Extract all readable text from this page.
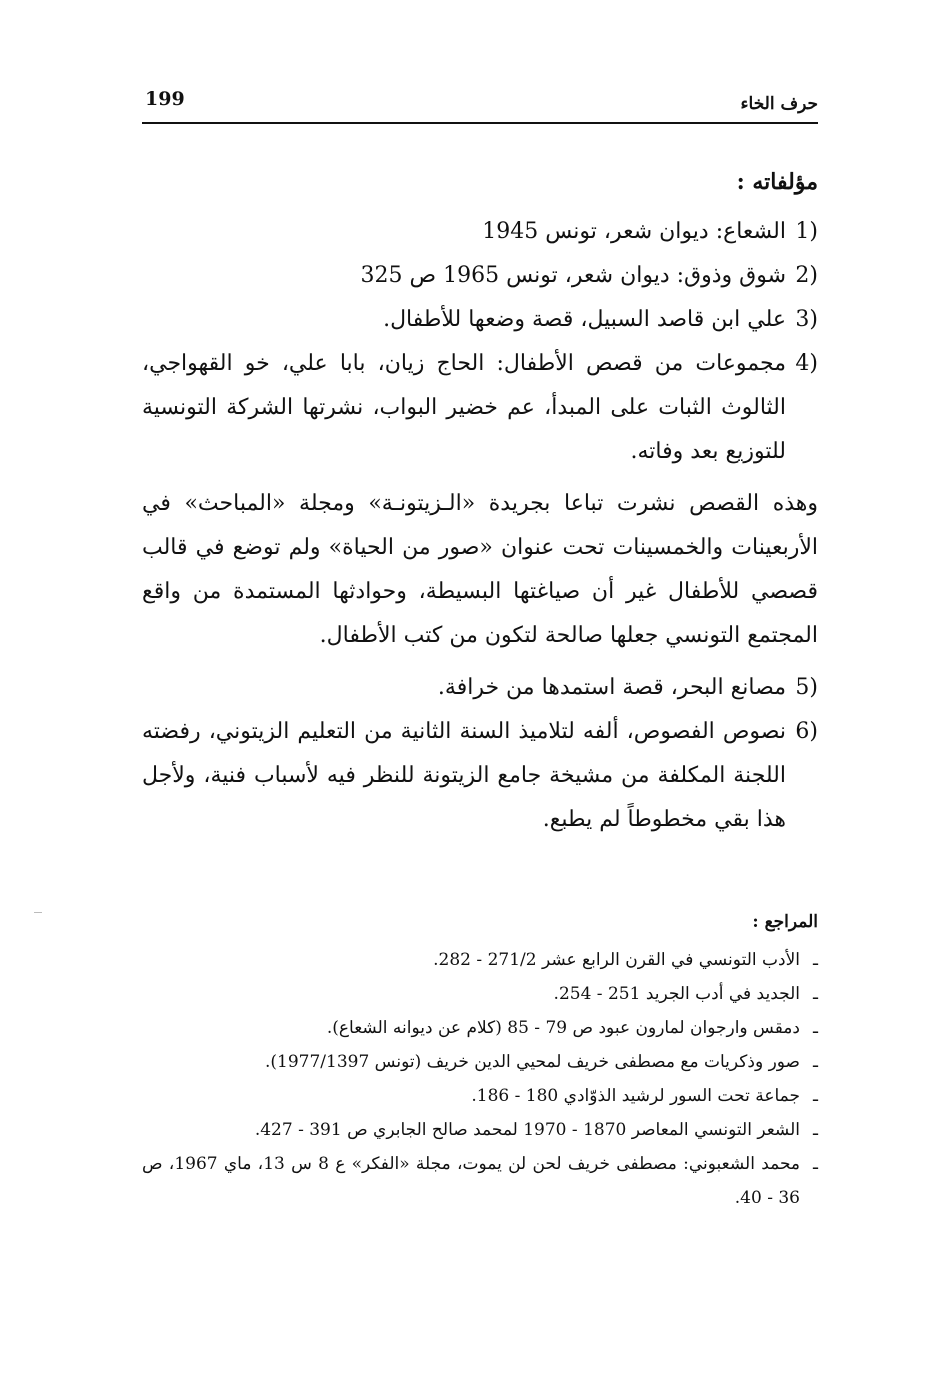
حرف الخاء
199
مؤلفاته :
1)
الشعاع: ديوان شعر، تونس 1945
2)
شوق وذوق: ديوان شعر، تونس 1965 ص 325
3)
علي ابن قاصد السبيل، قصة وضعها للأطفال.
4)
مجموعات من قصص الأطفال: الحاج زيان، بابا علي، خو القهواجي، الثالوث الثبات على المبدأ، عم خضير البواب، نشرتها الشركة التونسية للتوزيع بعد وفاته.

وهذه القصص نشرت تباعا بجريدة «الـزيتونـة» ومجلة «المباحث» في الأربعينات والخمسينات تحت عنوان «صور من الحياة» ولم توضع في قالب قصصي للأطفال غير أن صياغتها البسيطة، وحوادثها المستمدة من واقع المجتمع التونسي جعلها صالحة لتكون من كتب الأطفال.

5)
مصانع البحر، قصة استمدها من خرافة.
6)
نصوص الفصوص، ألفه لتلاميذ السنة الثانية من التعليم الزيتوني، رفضته اللجنة المكلفة من مشيخة جامع الزيتونة للنظر فيه لأسباب فنية، ولأجل هذا بقي مخطوطاً لم يطبع.
المراجع :
ـ
الأدب التونسي في القرن الرابع عشر 271/2 - 282.
ـ
الجديد في أدب الجريد 251 - 254.
ـ
دمقس وارجوان لمارون عبود ص 79 - 85 (كلام عن ديوانه الشعاع).
ـ
صور وذكريات مع مصطفى خريف لمحيي الدين خريف (تونس 1977/1397).
ـ
جماعة تحت السور لرشيد الذوّادي 180 - 186.
ـ
الشعر التونسي المعاصر 1870 - 1970 لمحمد صالح الجابري ص 391 - 427.
ـ
محمد الشعبوني: مصطفى خريف لحن لن يموت، مجلة «الفكر» ع 8 س 13، ماي 1967، ص 36 - 40.
